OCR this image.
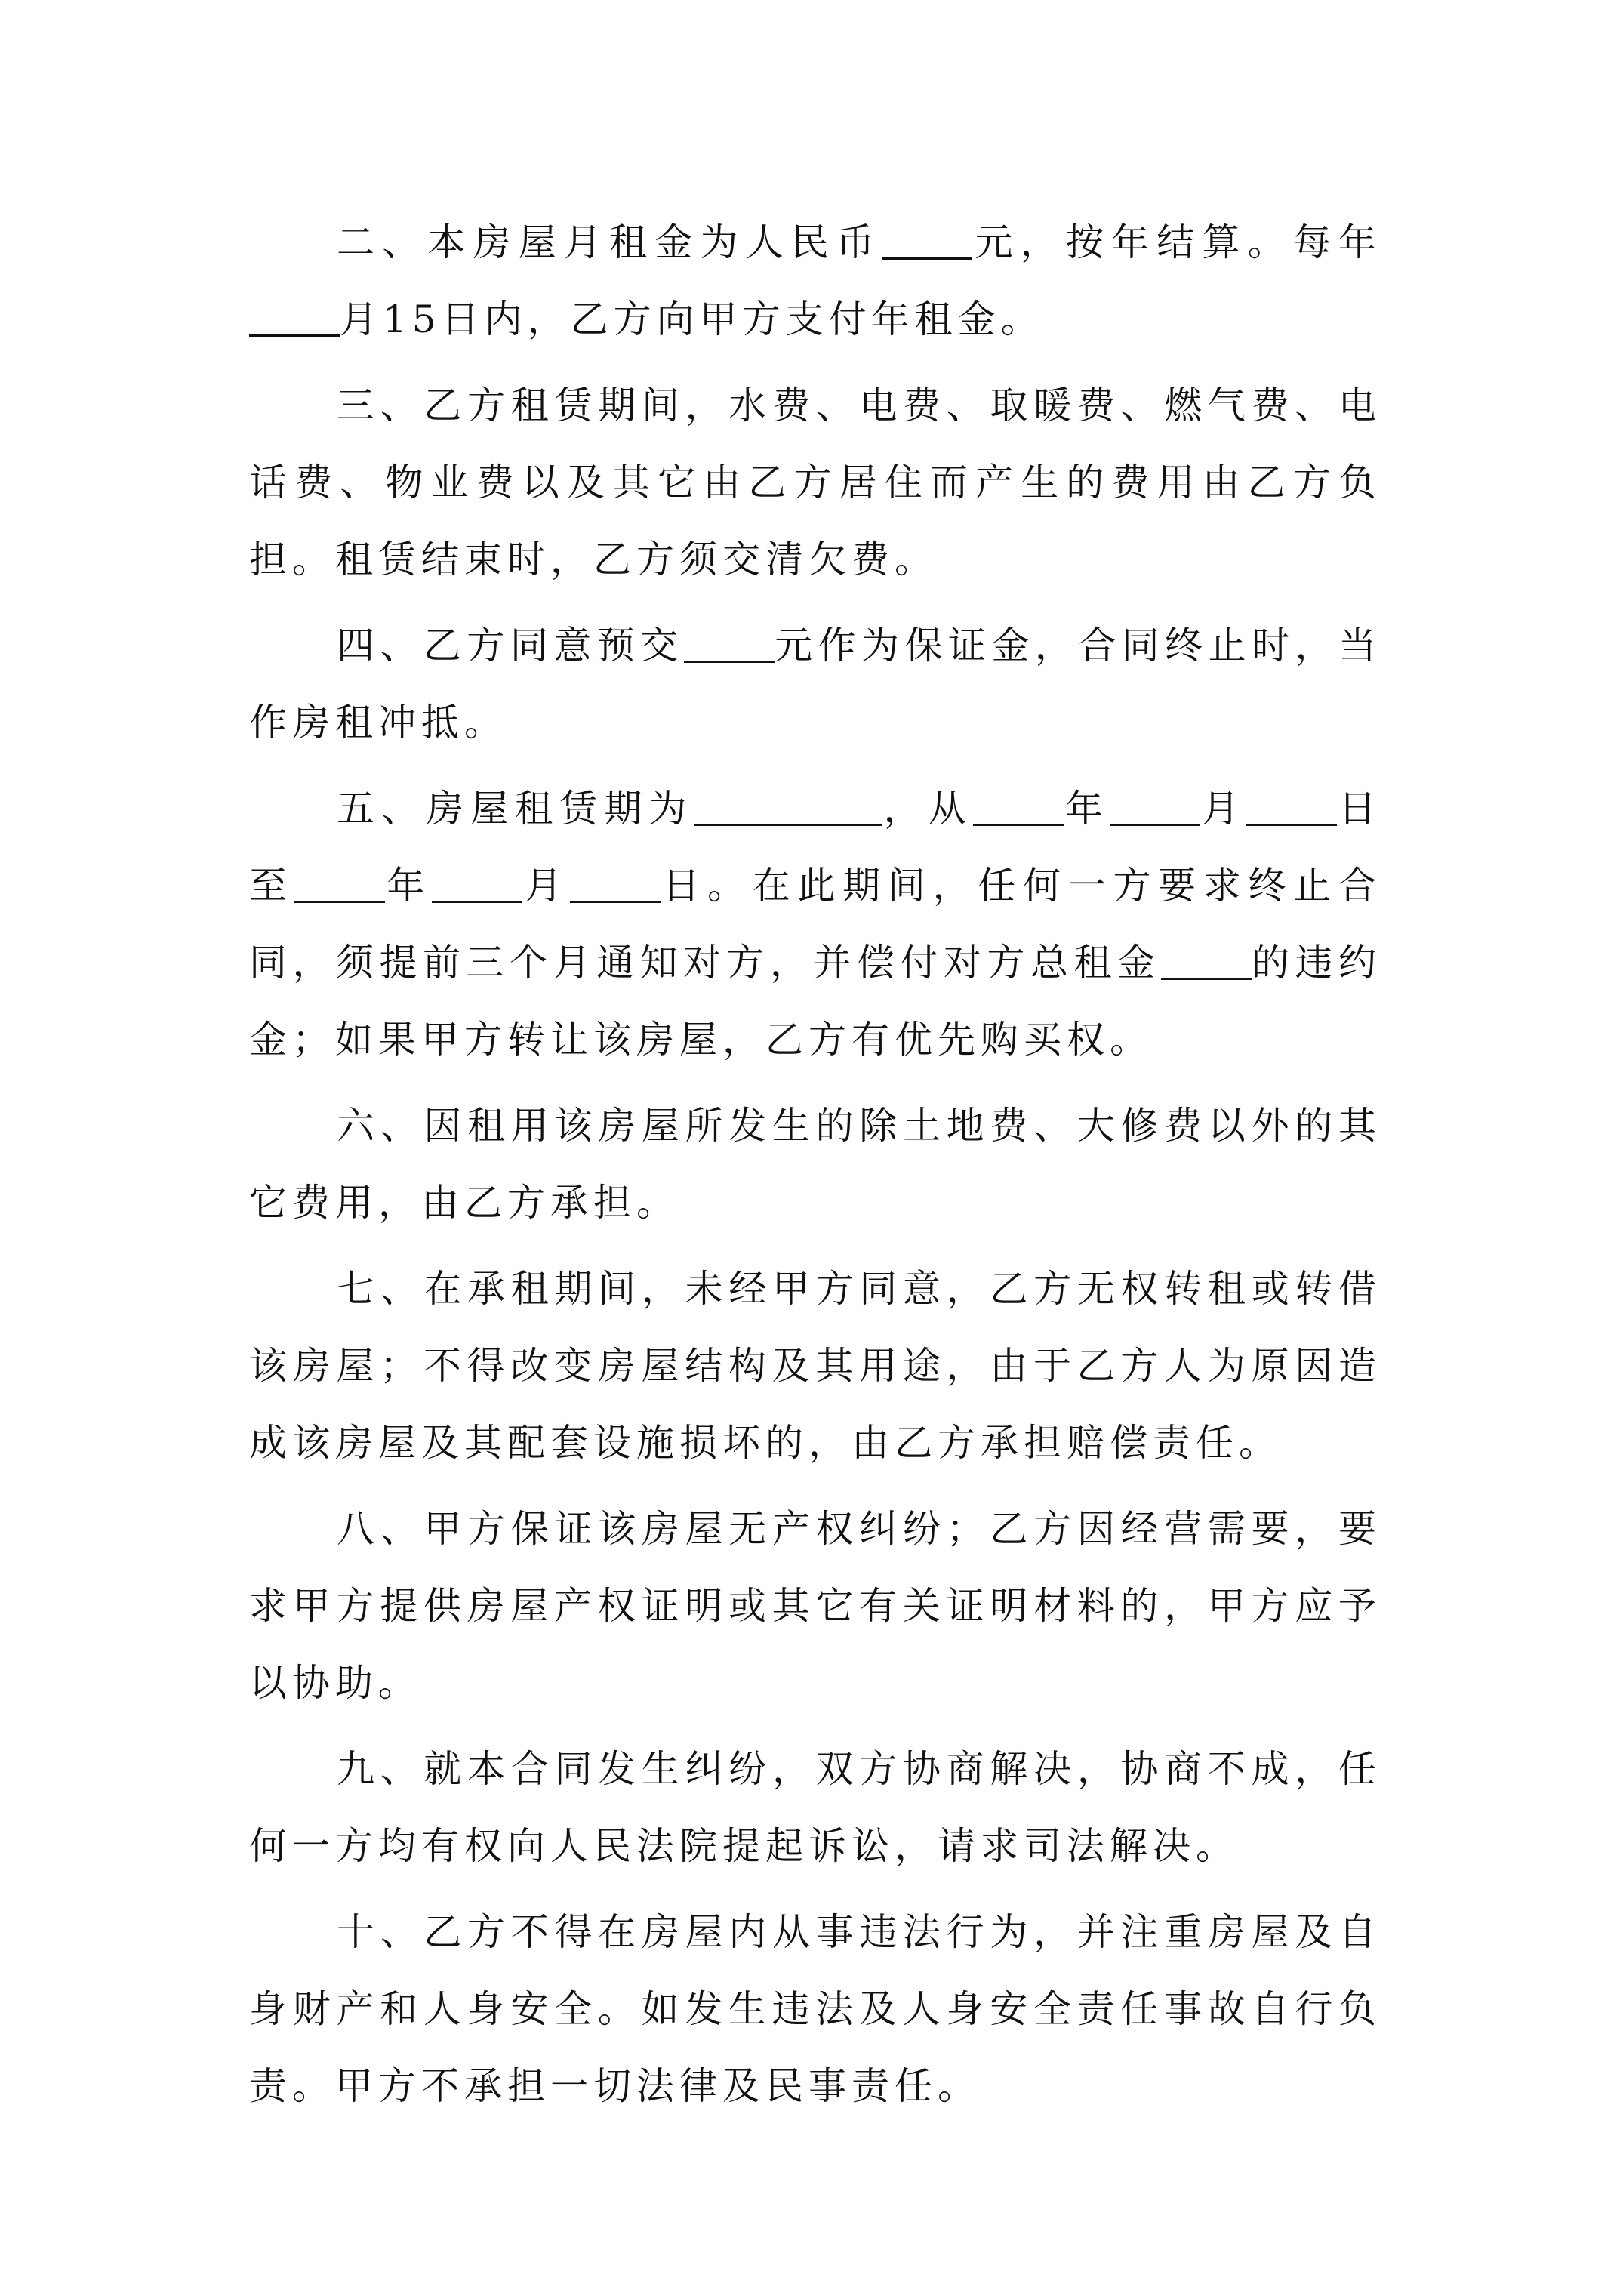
二、本房屋月租金为人民币 元，按年结算。每年月15日内，乙方向甲方支付年租金。

三、乙方租赁期间，水费、电费、取暖费、燃气费、电话费、物业费以及其它由乙方居住而产生的费用由乙方负担。租赁结束时，乙方须交清欠费。

四、乙方同意预交 元作为保证金，合同终止时，当作房租冲抵。

五、房屋租赁期为	，从 年 月 日至 年 月 日。在此期间，任何一方要求终止合同，须提前三个月通知对方，并偿付对方总租金 的违约金；如果甲方转让该房屋，乙方有优先购买权。

六、因租用该房屋所发生的除土地费、大修费以外的其它费用，由乙方承担。

七、在承租期间，未经甲方同意，乙方无权转租或转借该房屋；不得改变房屋结构及其用途，由于乙方人为原因造成该房屋及其配套设施损坏的，由乙方承担赔偿责任。

八、甲方保证该房屋无产权纠纷；乙方因经营需要，要求甲方提供房屋产权证明或其它有关证明材料的，甲方应予以协助。

九、就本合同发生纠纷，双方协商解决，协商不成，任何一方均有权向人民法院提起诉讼，请求司法解决。

十、乙方不得在房屋内从事违法行为，并注重房屋及自身财产和人身安全。如发生违法及人身安全责任事故自行负责。甲方不承担一切法律及民事责任。
